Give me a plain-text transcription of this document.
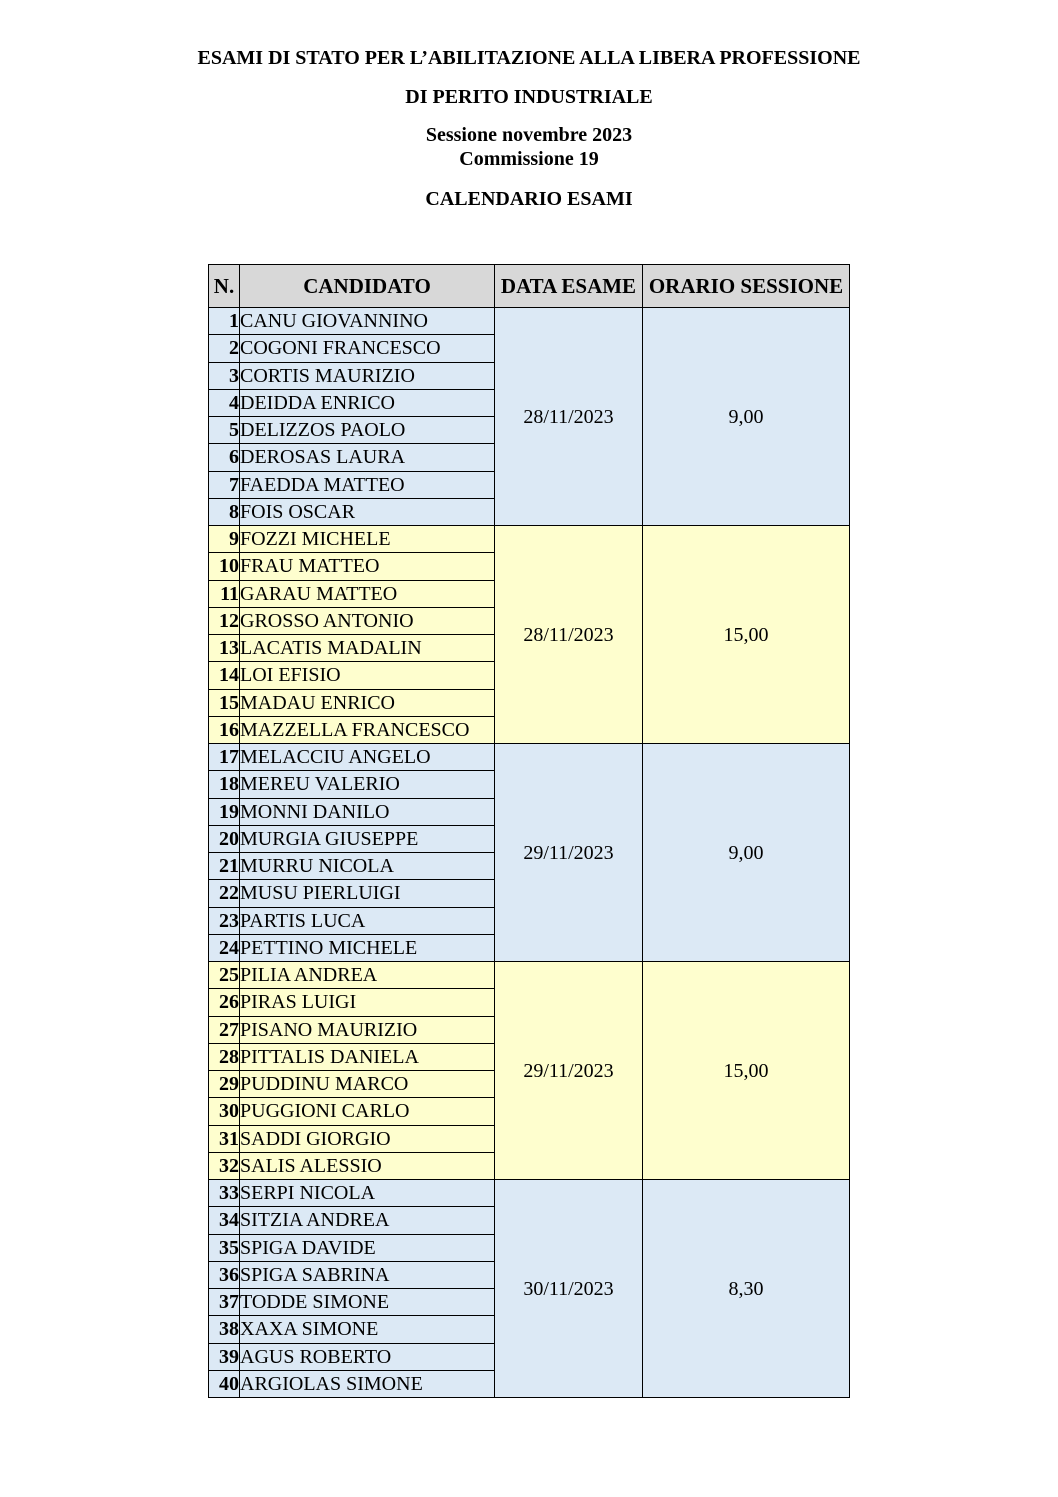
ESAMI DI STATO PER L’ABILITAZIONE ALLA LIBERA PROFESSIONE
DI PERITO INDUSTRIALE
Sessione novembre 2023
Commissione 19
CALENDARIO ESAMI
N.	CANDIDATO	DATA ESAME	ORARIO SESSIONE
1	CANU GIOVANNINO	28/11/2023	9,00
2	COGONI FRANCESCO		
3	CORTIS MAURIZIO		
4	DEIDDA ENRICO		
5	DELIZZOS PAOLO		
6	DEROSAS LAURA		
7	FAEDDA MATTEO		
8	FOIS OSCAR		
9	FOZZI MICHELE	28/11/2023	15,00
10	FRAU MATTEO		
11	GARAU MATTEO		
12	GROSSO ANTONIO		
13	LACATIS MADALIN		
14	LOI EFISIO		
15	MADAU ENRICO		
16	MAZZELLA FRANCESCO		
17	MELACCIU ANGELO	29/11/2023	9,00
18	MEREU VALERIO		
19	MONNI DANILO		
20	MURGIA GIUSEPPE		
21	MURRU NICOLA		
22	MUSU PIERLUIGI		
23	PARTIS LUCA		
24	PETTINO MICHELE		
25	PILIA ANDREA	29/11/2023	15,00
26	PIRAS LUIGI		
27	PISANO MAURIZIO		
28	PITTALIS DANIELA		
29	PUDDINU MARCO		
30	PUGGIONI CARLO		
31	SADDI GIORGIO		
32	SALIS ALESSIO		
33	SERPI NICOLA	30/11/2023	8,30
34	SITZIA ANDREA		
35	SPIGA DAVIDE		
36	SPIGA SABRINA		
37	TODDE SIMONE		
38	XAXA SIMONE		
39	AGUS ROBERTO		
40	ARGIOLAS SIMONE		
